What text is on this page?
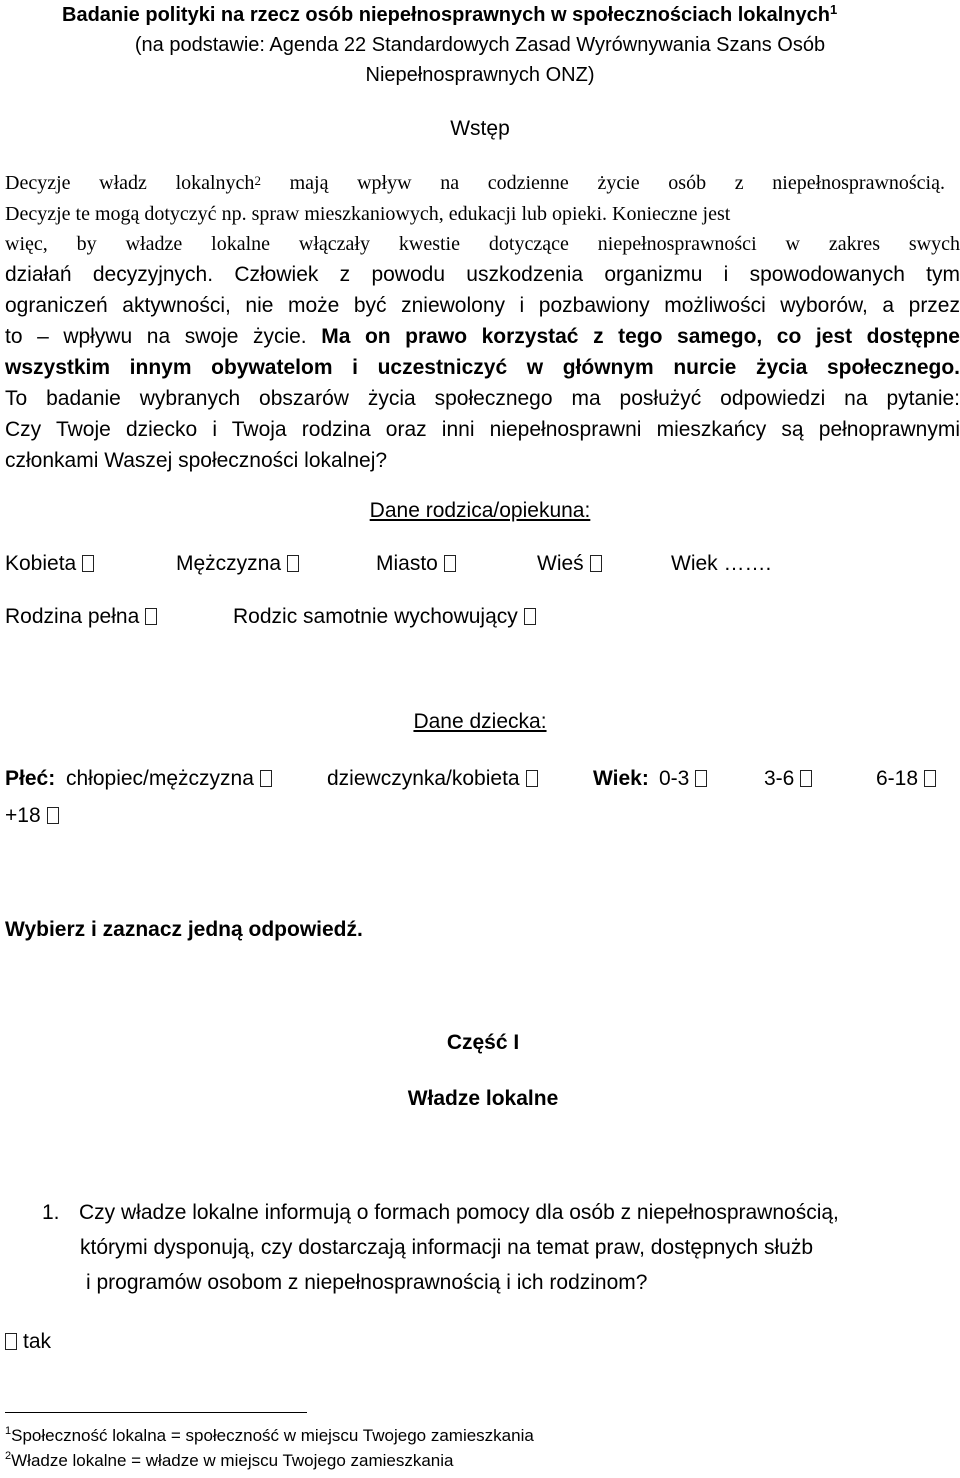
Badanie polityki na rzecz osób niepełnosprawnych w społecznościach lokalnych$^1$
(na podstawie: Agenda 22 Standardowych Zasad Wyrównywania Szans Osób
Niepełnosprawnych ONZ)
Wstęp
Decyzje władz lokalnych$^2$ mają wpływ na codzienne życie osób z niepełnosprawnością.
Decyzje te mogą dotyczyć np. spraw mieszkaniowych, edukacji lub opieki. Konieczne jest
więc, by władze lokalne włączały kwestie dotyczące niepełnosprawności w zakres swych
działań decyzyjnych. Człowiek z powodu uszkodzenia organizmu i spowodowanych tym
ograniczeń aktywności, nie może być zniewolony i pozbawiony możliwości wyborów, a przez
to – wpływu na swoje życie. Ma on prawo korzystać z tego samego, co jest dostępne
wszystkim innym obywatelom i uczestniczyć w głównym nurcie życia społecznego.
To badanie wybranych obszarów życia społecznego ma posłużyć odpowiedzi na pytanie:
Czy Twoje dziecko i Twoja rodzina oraz inni niepełnosprawni mieszkańcy są pełnoprawnymi
członkami Waszej społeczności lokalnej?
Dane rodzica/opiekuna:
Kobieta	Mężczyzna	Miasto	Wieś	Wiek …….
Rodzina pełna	Rodzic samotnie wychowujący
Dane dziecka:
Płeć: chłopiec/mężczyzna	dziewczynka/kobieta	Wiek: 0-3	3-6	6-18
+18
Wybierz i zaznacz jedną odpowiedź.
Część I
Władze lokalne
1. Czy władze lokalne informują o formach pomocy dla osób z niepełnosprawnością,
którymi dysponują, czy dostarczają informacji na temat praw, dostępnych służb
i programów osobom z niepełnosprawnością i ich rodzinom?
tak
$^1$Społeczność lokalna = społeczność w miejscu Twojego zamieszkania
$^2$Władze lokalne = władze w miejscu Twojego zamieszkania
